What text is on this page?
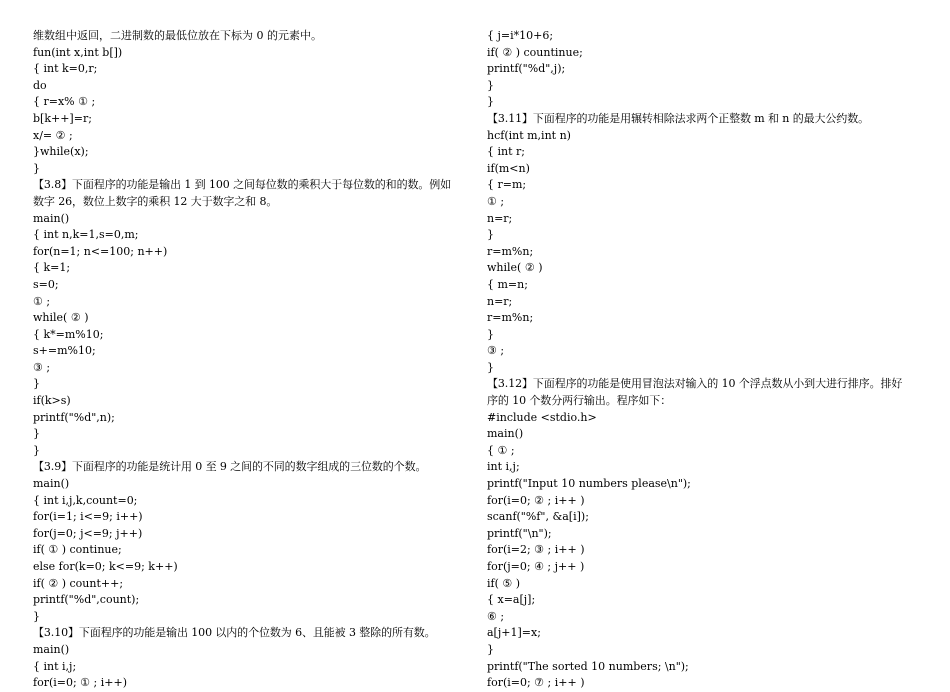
维数组中返回，二进制数的最低位放在下标为 0 的元素中。
fun(int x,int b[])
{ int k=0,r;
do
{ r=x% ① ;
b[k++]=r;
x/= ② ;
}while(x);
}
【3.8】下面程序的功能是输出 1 到 100 之间每位数的乘积大于每位数的和的数。例如
数字 26，数位上数字的乘积 12 大于数字之和 8。
main()
{ int n,k=1,s=0,m;
for(n=1; n<=100; n++)
{ k=1;
s=0;
① ;
while( ② )
{ k*=m%10;
s+=m%10;
③ ;
}
if(k>s)
printf("%d",n);
}
}
【3.9】下面程序的功能是统计用 0 至 9 之间的不同的数字组成的三位数的个数。
main()
{ int i,j,k,count=0;
for(i=1; i<=9; i++)
for(j=0; j<=9; j++)
if( ① ) continue;
else for(k=0; k<=9; k++)
if( ② ) count++;
printf("%d",count);
}
【3.10】下面程序的功能是输出 100 以内的个位数为 6、且能被 3 整除的所有数。
main()
{ int i,j;
for(i=0; ① ; i++)
{ j=i*10+6;
if( ② ) countinue;
printf("%d",j);
}
}
【3.11】下面程序的功能是用辗转相除法求两个正整数 m 和 n 的最大公约数。
hcf(int m,int n)
{ int r;
if(m<n)
{ r=m;
① ;
n=r;
}
r=m%n;
while( ② )
{ m=n;
n=r;
r=m%n;
}
③ ;
}
【3.12】下面程序的功能是使用冒泡法对输入的 10 个浮点数从小到大进行排序。排好
序的 10 个数分两行输出。程序如下：
#include <stdio.h>
main()
{ ① ;
int i,j;
printf("Input 10 numbers please\n");
for(i=0; ② ; i++ )
scanf("%f", &a[i]);
printf("\n");
for(i=2; ③ ; i++ )
for(j=0; ④ ; j++ )
if( ⑤ )
{ x=a[j];
⑥ ;
a[j+1]=x;
}
printf("The sorted 10 numbers; \n");
for(i=0; ⑦ ; i++ )
